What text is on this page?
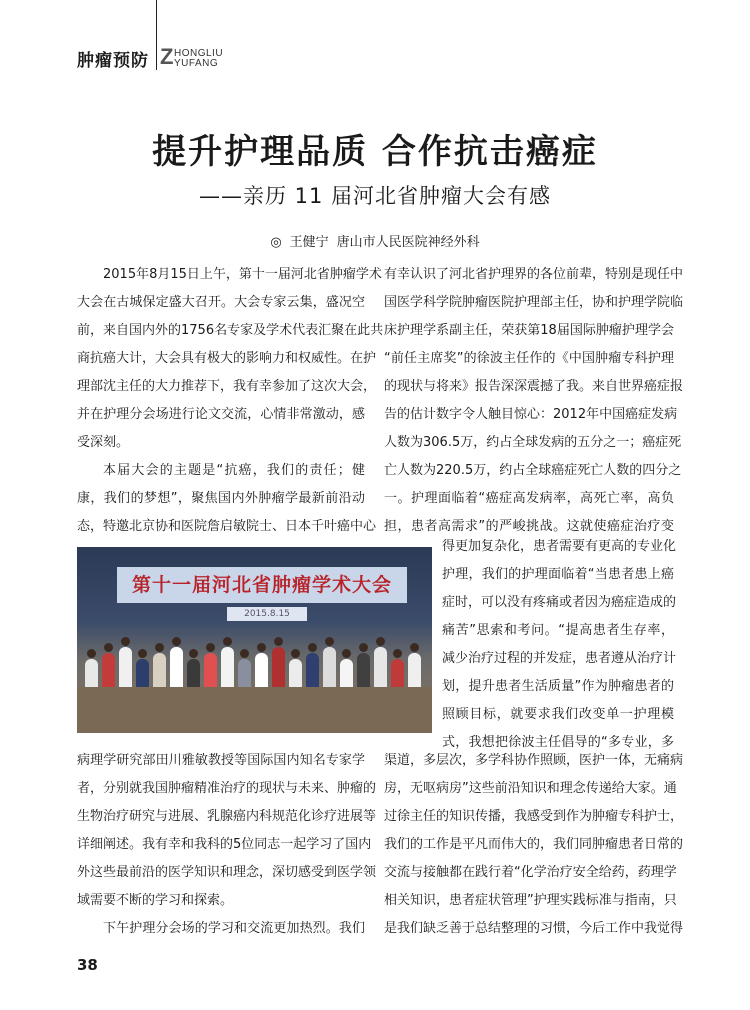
肿瘤预防 Z HONGLIU
YUFANG
提升护理品质 合作抗击癌症
——亲历 11 届河北省肿瘤大会有感
◎ 王健宁 唐山市人民医院神经外科
2015年8月15日上午，第十一届河北省肿瘤学术
大会在古城保定盛大召开。大会专家云集，盛况空
前，来自国内外的1756名专家及学术代表汇聚在此共
商抗癌大计，大会具有极大的影响力和权威性。在护
理部沈主任的大力推荐下，我有幸参加了这次大会，
并在护理分会场进行论文交流，心情非常激动，感
受深刻。
本届大会的主题是“抗癌，我们的责任；健
康，我们的梦想”，聚焦国内外肿瘤学最新前沿动
态，特邀北京协和医院詹启敏院士、日本千叶癌中心
有幸认识了河北省护理界的各位前辈，特别是现任中
国医学科学院肿瘤医院护理部主任，协和护理学院临
床护理学系副主任，荣获第18届国际肿瘤护理学会
“前任主席奖”的徐波主任作的《中国肿瘤专科护理
的现状与将来》报告深深震撼了我。来自世界癌症报
告的估计数字令人触目惊心：2012年中国癌症发病
人数为306.5万，约占全球发病的五分之一；癌症死
亡人数为220.5万，约占全球癌症死亡人数的四分之
一。护理面临着“癌症高发病率，高死亡率，高负
担，患者高需求”的严峻挑战。这就使癌症治疗变
得更加复杂化，患者需要有更高的专业化
护理，我们的护理面临着“当患者患上癌
症时，可以没有疼痛或者因为癌症造成的
痛苦”思索和考问。“提高患者生存率，
减少治疗过程的并发症，患者遵从治疗计
划，提升患者生活质量”作为肿瘤患者的
照顾目标，就要求我们改变单一护理模
式，我想把徐波主任倡导的“多专业，多
病理学研究部田川雅敏教授等国际国内知名专家学
者，分别就我国肿瘤精准治疗的现状与未来、肿瘤的
生物治疗研究与进展、乳腺癌内科规范化诊疗进展等
详细阐述。我有幸和我科的5位同志一起学习了国内
外这些最前沿的医学知识和理念，深切感受到医学领
域需要不断的学习和探索。
下午护理分会场的学习和交流更加热烈。我们
渠道，多层次，多学科协作照顾，医护一体，无痛病
房，无呕病房”这些前沿知识和理念传递给大家。通
过徐主任的知识传播，我感受到作为肿瘤专科护士，
我们的工作是平凡而伟大的，我们同肿瘤患者日常的
交流与接触都在践行着“化学治疗安全给药，药理学
相关知识，患者症状管理”护理实践标准与指南，只
是我们缺乏善于总结整理的习惯，今后工作中我觉得
第十一届河北省肿瘤学术大会
2015.8.15
38
